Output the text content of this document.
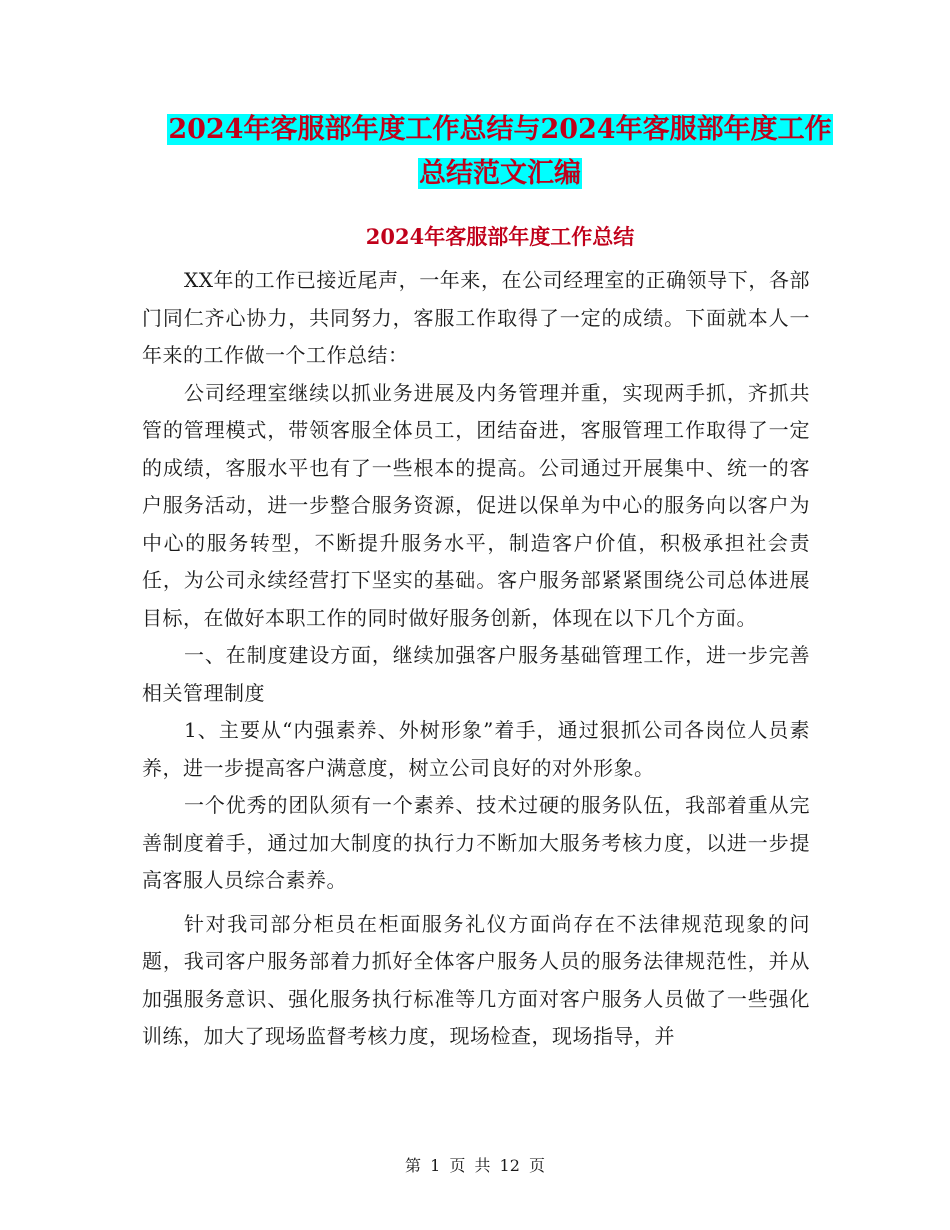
2024年客服部年度工作总结与2024年客服部年度工作
总结范文汇编
2024年客服部年度工作总结

XX年的工作已接近尾声，一年来，在公司经理室的正确领导下，各部门同仁齐心协力，共同努力，客服工作取得了一定的成绩。下面就本人一年来的工作做一个工作总结：

公司经理室继续以抓业务进展及内务管理并重，实现两手抓，齐抓共管的管理模式，带领客服全体员工，团结奋进，客服管理工作取得了一定的成绩，客服水平也有了一些根本的提高。公司通过开展集中、统一的客户服务活动，进一步整合服务资源，促进以保单为中心的服务向以客户为中心的服务转型，不断提升服务水平，制造客户价值，积极承担社会责任，为公司永续经营打下坚实的基础。客户服务部紧紧围绕公司总体进展目标，在做好本职工作的同时做好服务创新，体现在以下几个方面。

一、在制度建设方面，继续加强客户服务基础管理工作，进一步完善相关管理制度

1、主要从“内强素养、外树形象”着手，通过狠抓公司各岗位人员素养，进一步提高客户满意度，树立公司良好的对外形象。

一个优秀的团队须有一个素养、技术过硬的服务队伍，我部着重从完善制度着手，通过加大制度的执行力不断加大服务考核力度，以进一步提高客服人员综合素养。

针对我司部分柜员在柜面服务礼仪方面尚存在不法律规范现象的问题，我司客户服务部着力抓好全体客户服务人员的服务法律规范性，并从加强服务意识、强化服务执行标准等几方面对客户服务人员做了一些强化训练，加大了现场监督考核力度，现场检查，现场指导，并

第 1 页 共 12 页
